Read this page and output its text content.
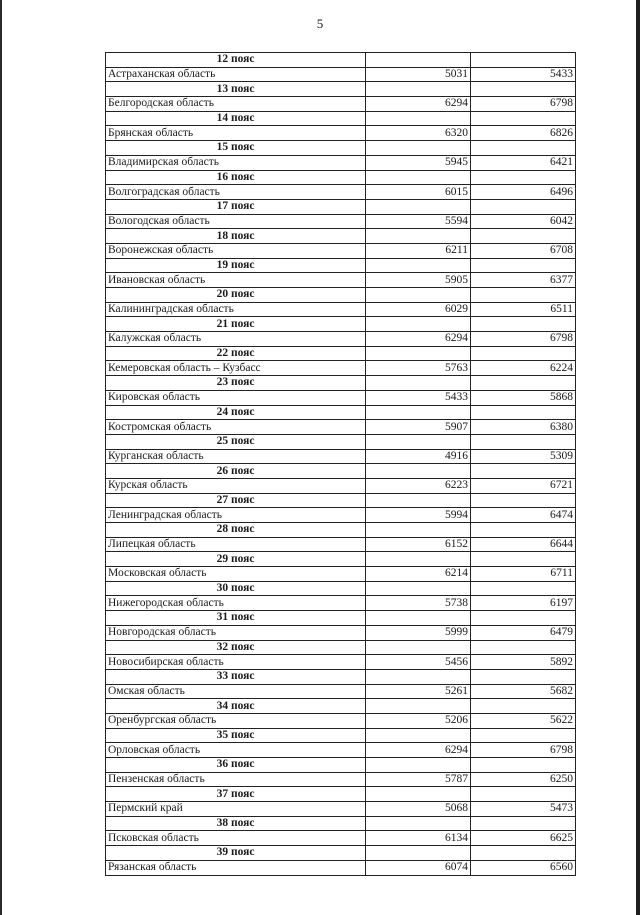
5
12 пояс		
Астраханская область	5031	5433
13 пояс		
Белгородская область	6294	6798
14 пояс		
Брянская область	6320	6826
15 пояс		
Владимирская область	5945	6421
16 пояс		
Волгоградская область	6015	6496
17 пояс		
Вологодская область	5594	6042
18 пояс		
Воронежская область	6211	6708
19 пояс		
Ивановская область	5905	6377
20 пояс		
Калининградская область	6029	6511
21 пояс		
Калужская область	6294	6798
22 пояс		
Кемеровская область – Кузбасс	5763	6224
23 пояс		
Кировская область	5433	5868
24 пояс		
Костромская область	5907	6380
25 пояс		
Курганская область	4916	5309
26 пояс		
Курская область	6223	6721
27 пояс		
Ленинградская область	5994	6474
28 пояс		
Липецкая область	6152	6644
29 пояс		
Московская область	6214	6711
30 пояс		
Нижегородская область	5738	6197
31 пояс		
Новгородская область	5999	6479
32 пояс		
Новосибирская область	5456	5892
33 пояс		
Омская область	5261	5682
34 пояс		
Оренбургская область	5206	5622
35 пояс		
Орловская область	6294	6798
36 пояс		
Пензенская область	5787	6250
37 пояс		
Пермский край	5068	5473
38 пояс		
Псковская область	6134	6625
39 пояс		
Рязанская область	6074	6560
